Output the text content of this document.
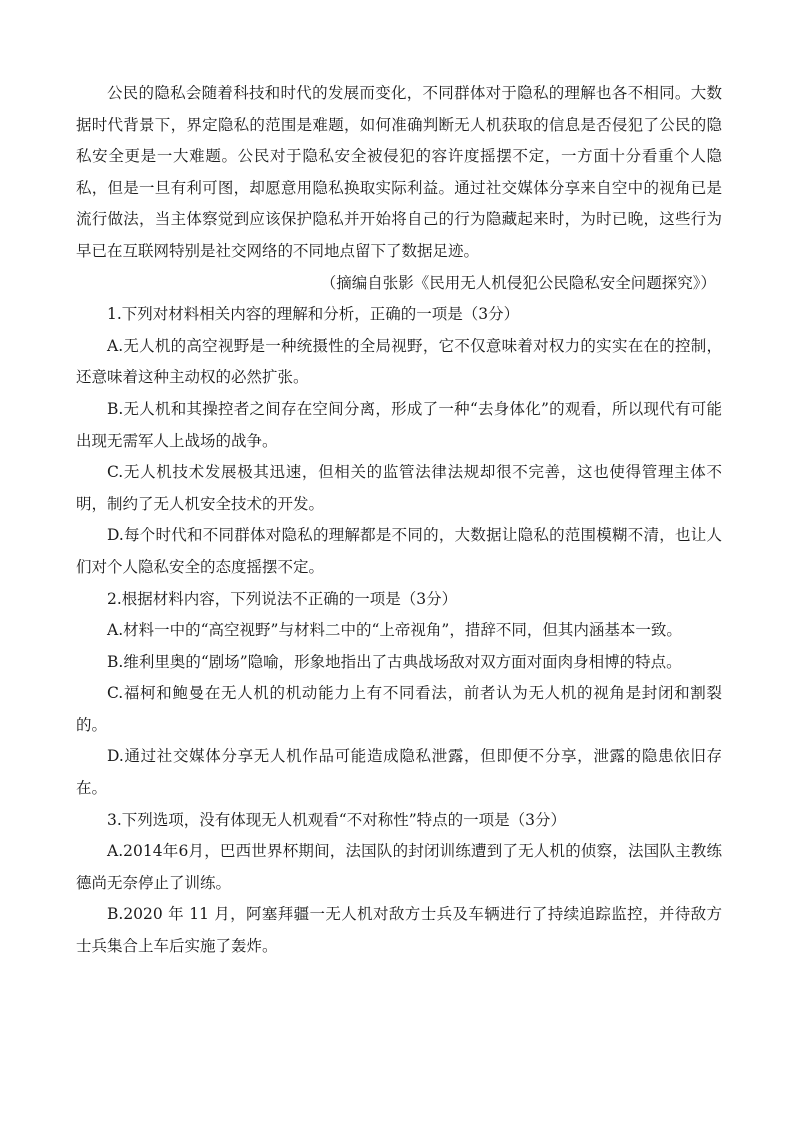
公民的隐私会随着科技和时代的发展而变化，不同群体对于隐私的理解也各不相同。大数据时代背景下，界定隐私的范围是难题，如何准确判断无人机获取的信息是否侵犯了公民的隐私安全更是一大难题。公民对于隐私安全被侵犯的容许度摇摆不定，一方面十分看重个人隐私，但是一旦有利可图，却愿意用隐私换取实际利益。通过社交媒体分享来自空中的视角已是流行做法，当主体察觉到应该保护隐私并开始将自己的行为隐藏起来时，为时已晚，这些行为早已在互联网特别是社交网络的不同地点留下了数据足迹。

（摘编自张影《民用无人机侵犯公民隐私安全问题探究》）

1.下列对材料相关内容的理解和分析，正确的一项是（3分）

A.无人机的高空视野是一种统摄性的全局视野，它不仅意味着对权力的实实在在的控制，还意味着这种主动权的必然扩张。

B.无人机和其操控者之间存在空间分离，形成了一种“去身体化”的观看，所以现代有可能出现无需军人上战场的战争。

C.无人机技术发展极其迅速，但相关的监管法律法规却很不完善，这也使得管理主体不明，制约了无人机安全技术的开发。

D.每个时代和不同群体对隐私的理解都是不同的，大数据让隐私的范围模糊不清，也让人们对个人隐私安全的态度摇摆不定。

2.根据材料内容，下列说法不正确的一项是（3分）

A.材料一中的“高空视野”与材料二中的“上帝视角”，措辞不同，但其内涵基本一致。

B.维利里奥的“剧场”隐喻，形象地指出了古典战场敌对双方面对面肉身相博的特点。

C.福柯和鲍曼在无人机的机动能力上有不同看法，前者认为无人机的视角是封闭和割裂的。

D.通过社交媒体分享无人机作品可能造成隐私泄露，但即便不分享，泄露的隐患依旧存在。

3.下列选项，没有体现无人机观看“不对称性”特点的一项是（3分）

A.2014年6月，巴西世界杯期间，法国队的封闭训练遭到了无人机的侦察，法国队主教练德尚无奈停止了训练。

B.2020 年 11 月，阿塞拜疆一无人机对敌方士兵及车辆进行了持续追踪监控，并待敌方士兵集合上车后实施了轰炸。
